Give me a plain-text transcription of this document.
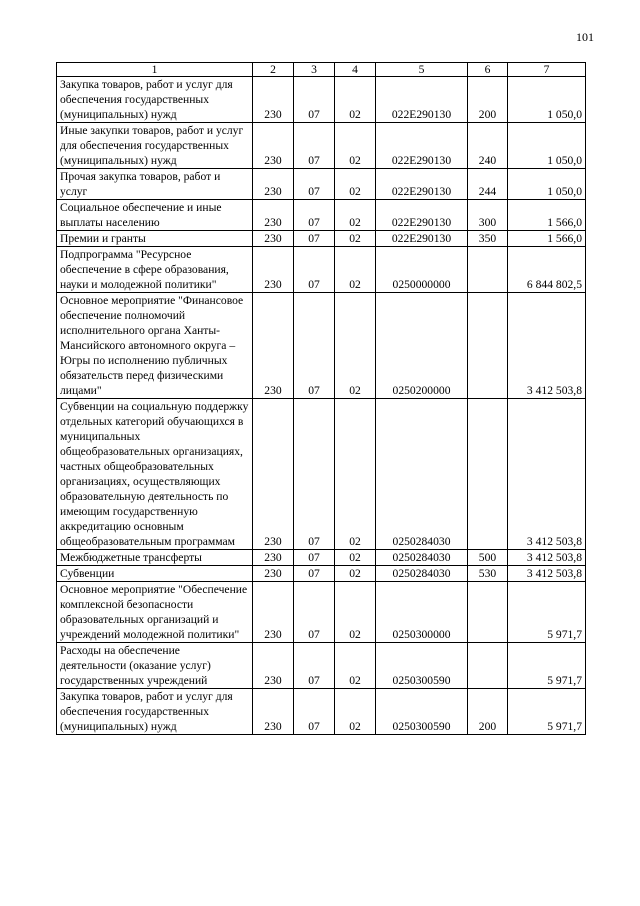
101
1	2	3	4	5	6	7
Закупка товаров, работ и услуг для обеспечения государственных (муниципальных) нужд	230	07	02	022E290130	200	1 050,0
Иные закупки товаров, работ и услуг для обеспечения государственных (муниципальных) нужд	230	07	02	022E290130	240	1 050,0
Прочая закупка товаров, работ и услуг	230	07	02	022E290130	244	1 050,0
Социальное обеспечение и иные выплаты населению	230	07	02	022E290130	300	1 566,0
Премии и гранты	230	07	02	022E290130	350	1 566,0
Подпрограмма "Ресурсное обеспечение в сфере образования, науки и молодежной политики"	230	07	02	0250000000		6 844 802,5
Основное мероприятие "Финансовое обеспечение полномочий исполнительного органа Ханты-Мансийского автономного округа – Югры по исполнению публичных обязательств перед физическими лицами"	230	07	02	0250200000		3 412 503,8
Субвенции на социальную поддержку отдельных категорий обучающихся в муниципальных общеобразовательных организациях, частных общеобразовательных организациях, осуществляющих образовательную деятельность по имеющим государственную аккредитацию основным общеобразовательным программам	230	07	02	0250284030		3 412 503,8
Межбюджетные трансферты	230	07	02	0250284030	500	3 412 503,8
Субвенции	230	07	02	0250284030	530	3 412 503,8
Основное мероприятие "Обеспечение комплексной безопасности образовательных организаций и учреждений молодежной политики"	230	07	02	0250300000		5 971,7
Расходы на обеспечение деятельности (оказание услуг) государственных учреждений	230	07	02	0250300590		5 971,7
Закупка товаров, работ и услуг для обеспечения государственных (муниципальных) нужд	230	07	02	0250300590	200	5 971,7
